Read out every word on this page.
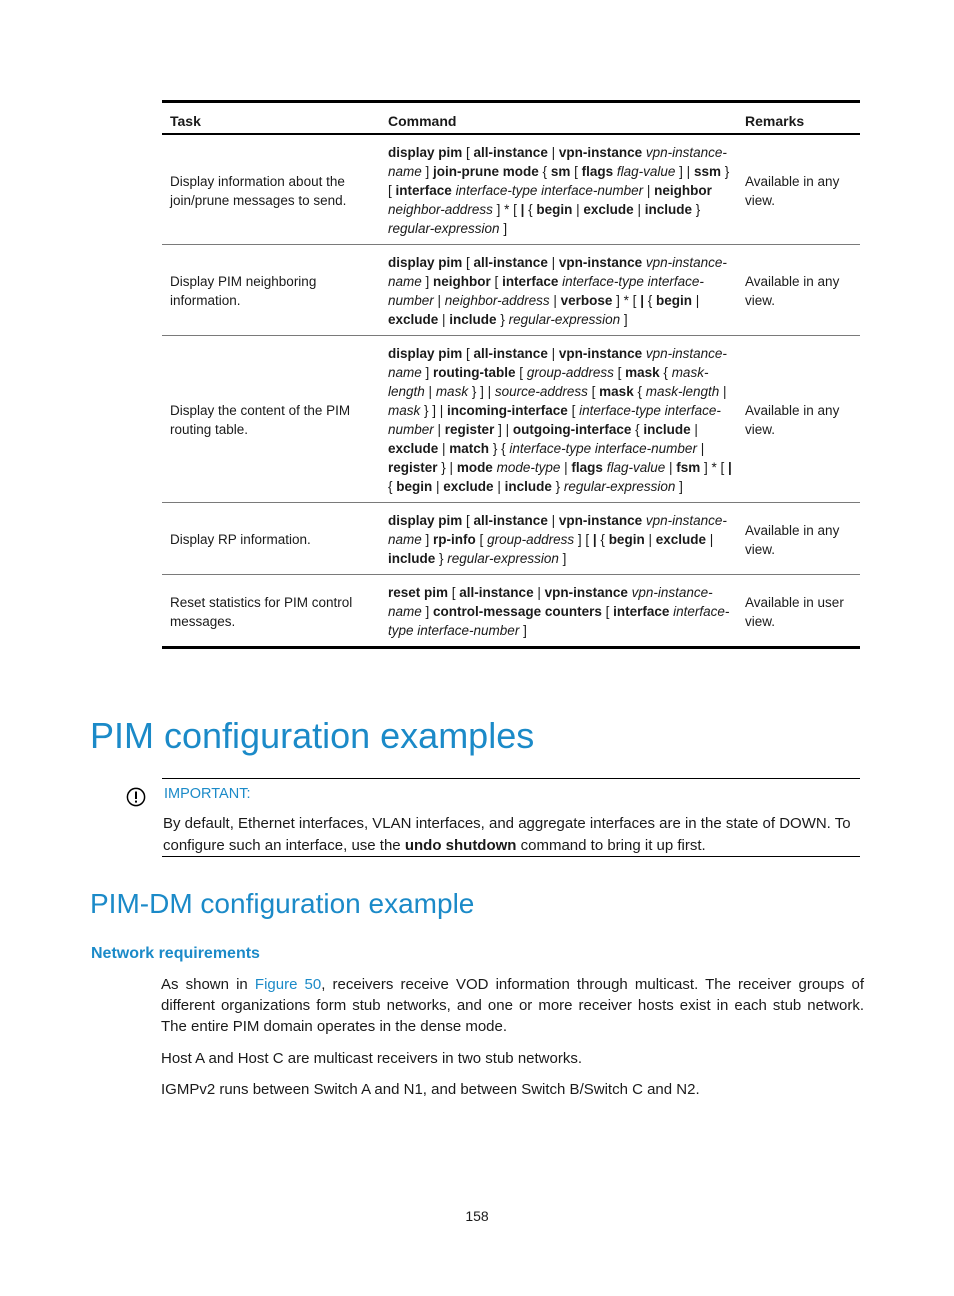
Task	Command	Remarks
Display information about the join/prune messages to send.	display pim [ all-instance | vpn-instance vpn-instance-name ] join-prune mode { sm [ flags flag-value ] | ssm } [ interface interface-type interface-number | neighbor neighbor-address ] * [ | { begin | exclude | include } regular-expression ]	Available in any view.
Display PIM neighboring information.	display pim [ all-instance | vpn-instance vpn-instance-name ] neighbor [ interface interface-type interface-number | neighbor-address | verbose ] * [ | { begin | exclude | include } regular-expression ]	Available in any view.
Display the content of the PIM routing table.	display pim [ all-instance | vpn-instance vpn-instance-name ] routing-table [ group-address [ mask { mask-length | mask } ] | source-address [ mask { mask-length | mask } ] | incoming-interface [ interface-type interface-number | register ] | outgoing-interface { include | exclude | match } { interface-type interface-number | register } | mode mode-type | flags flag-value | fsm ] * [ | { begin | exclude | include } regular-expression ]	Available in any view.
Display RP information.	display pim [ all-instance | vpn-instance vpn-instance-name ] rp-info [ group-address ] [ | { begin | exclude | include } regular-expression ]	Available in any view.
Reset statistics for PIM control messages.	reset pim [ all-instance | vpn-instance vpn-instance-name ] control-message counters [ interface interface-type interface-number ]	Available in user view.
PIM configuration examples
IMPORTANT:

By default, Ethernet interfaces, VLAN interfaces, and aggregate interfaces are in the state of DOWN. To configure such an interface, use the undo shutdown command to bring it up first.

PIM-DM configuration example
Network requirements

As shown in Figure 50, receivers receive VOD information through multicast. The receiver groups of different organizations form stub networks, and one or more receiver hosts exist in each stub network. The entire PIM domain operates in the dense mode.

Host A and Host C are multicast receivers in two stub networks.

IGMPv2 runs between Switch A and N1, and between Switch B/Switch C and N2.

158
